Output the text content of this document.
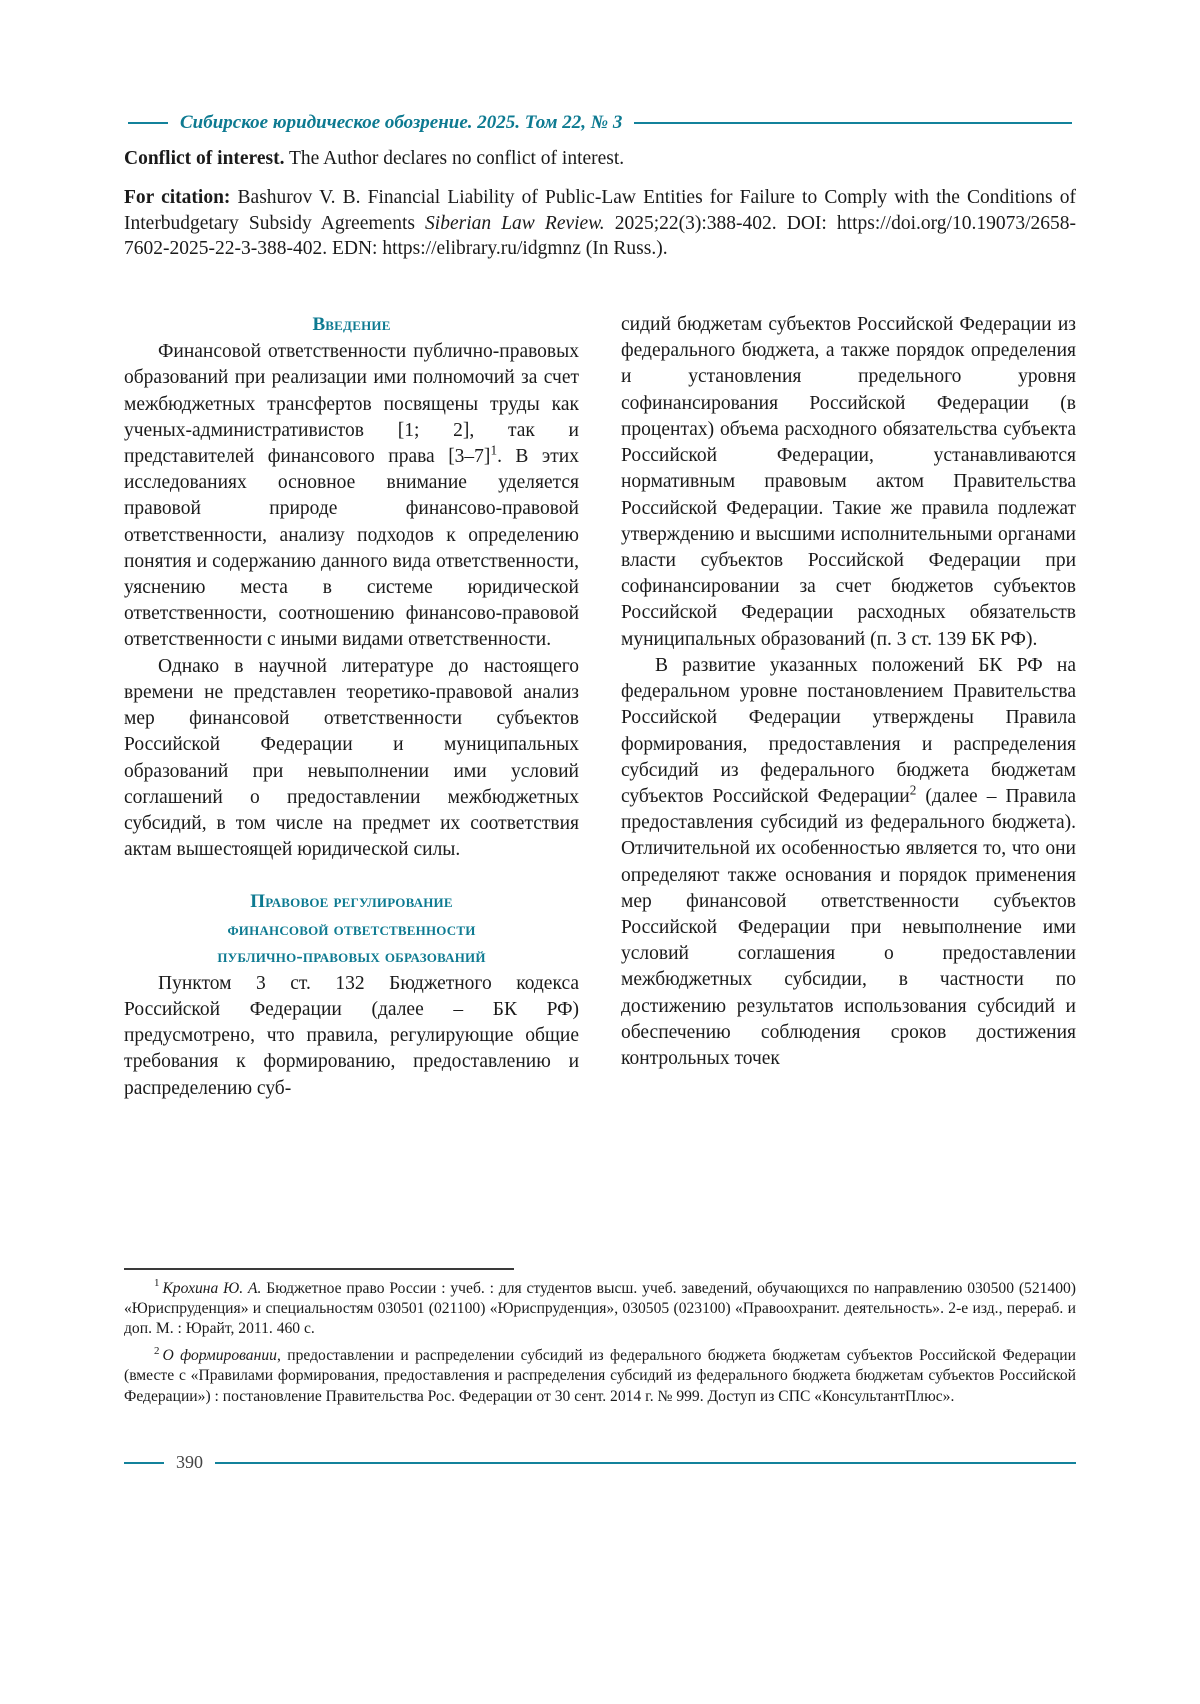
Сибирское юридическое обозрение. 2025. Том 22, № 3

Conflict of interest. The Author declares no conflict of interest.

For citation: Bashurov V. B. Financial Liability of Public-Law Entities for Failure to Comply with the Conditions of Interbudgetary Subsidy Agreements Siberian Law Review. 2025;22(3):388-402. DOI: https://doi.org/10.19073/2658-7602-2025-22-3-388-402. EDN: https://elibrary.ru/idgmnz (In Russ.).

Введение

Финансовой ответственности публично-правовых образований при реализации ими полномочий за счет межбюджетных трансфертов посвящены труды как ученых-административистов [1; 2], так и представителей финансового права $[3-7]^1$. В этих исследованиях основное внимание уделяется правовой природе финансово-правовой ответственности, анализу подходов к определению понятия и содержанию данного вида ответственности, уяснению места в системе юридической ответственности, соотношению финансово-правовой ответственности с иными видами ответственности.

Однако в научной литературе до настоящего времени не представлен теоретико-правовой анализ мер финансовой ответственности субъектов Российской Федерации и муниципальных образований при невыполнении ими условий соглашений о предоставлении межбюджетных субсидий, в том числе на предмет их соответствия актам вышестоящей юридической силы.

Правовое регулирование
финансовой ответственности
публично-правовых образований

Пунктом 3 ст. 132 Бюджетного кодекса Российской Федерации (далее – БК РФ) предусмотрено, что правила, регулирующие общие требования к формированию, предоставлению и распределению суб-

сидий бюджетам субъектов Российской Федерации из федерального бюджета, а также порядок определения и установления предельного уровня софинансирования Российской Федерации (в процентах) объема расходного обязательства субъекта Российской Федерации, устанавливаются нормативным правовым актом Правительства Российской Федерации. Такие же правила подлежат утверждению и высшими исполнительными органами власти субъектов Российской Федерации при софинансировании за счет бюджетов субъектов Российской Федерации расходных обязательств муниципальных образований (п. 3 ст. 139 БК РФ).

В развитие указанных положений БК РФ на федеральном уровне постановлением Правительства Российской Федерации утверждены Правила формирования, предоставления и распределения субсидий из федерального бюджета бюджетам субъектов Российской Федерации$^2$ (далее – Правила предоставления субсидий из федерального бюджета). Отличительной их особенностью является то, что они определяют также основания и порядок применения мер финансовой ответственности субъектов Российской Федерации при невыполнение ими условий соглашения о предоставлении межбюджетных субсидии, в частности по достижению результатов использования субсидий и обеспечению соблюдения сроков достижения контрольных точек

$^1$ Крохина Ю. А. Бюджетное право России : учеб. : для студентов высш. учеб. заведений, обучающихся по направлению 030500 (521400) «Юриспруденция» и специальностям 030501 (021100) «Юриспруденция», 030505 (023100) «Правоохранит. деятельность». 2-е изд., перераб. и доп. М. : Юрайт, 2011. 460 с.

$^2$ О формировании, предоставлении и распределении субсидий из федерального бюджета бюджетам субъектов Российской Федерации (вместе с «Правилами формирования, предоставления и распределения субсидий из федерального бюджета бюджетам субъектов Российской Федерации») : постановление Правительства Рос. Федерации от 30 сент. 2014 г. № 999. Доступ из СПС «КонсультантПлюс».

390
